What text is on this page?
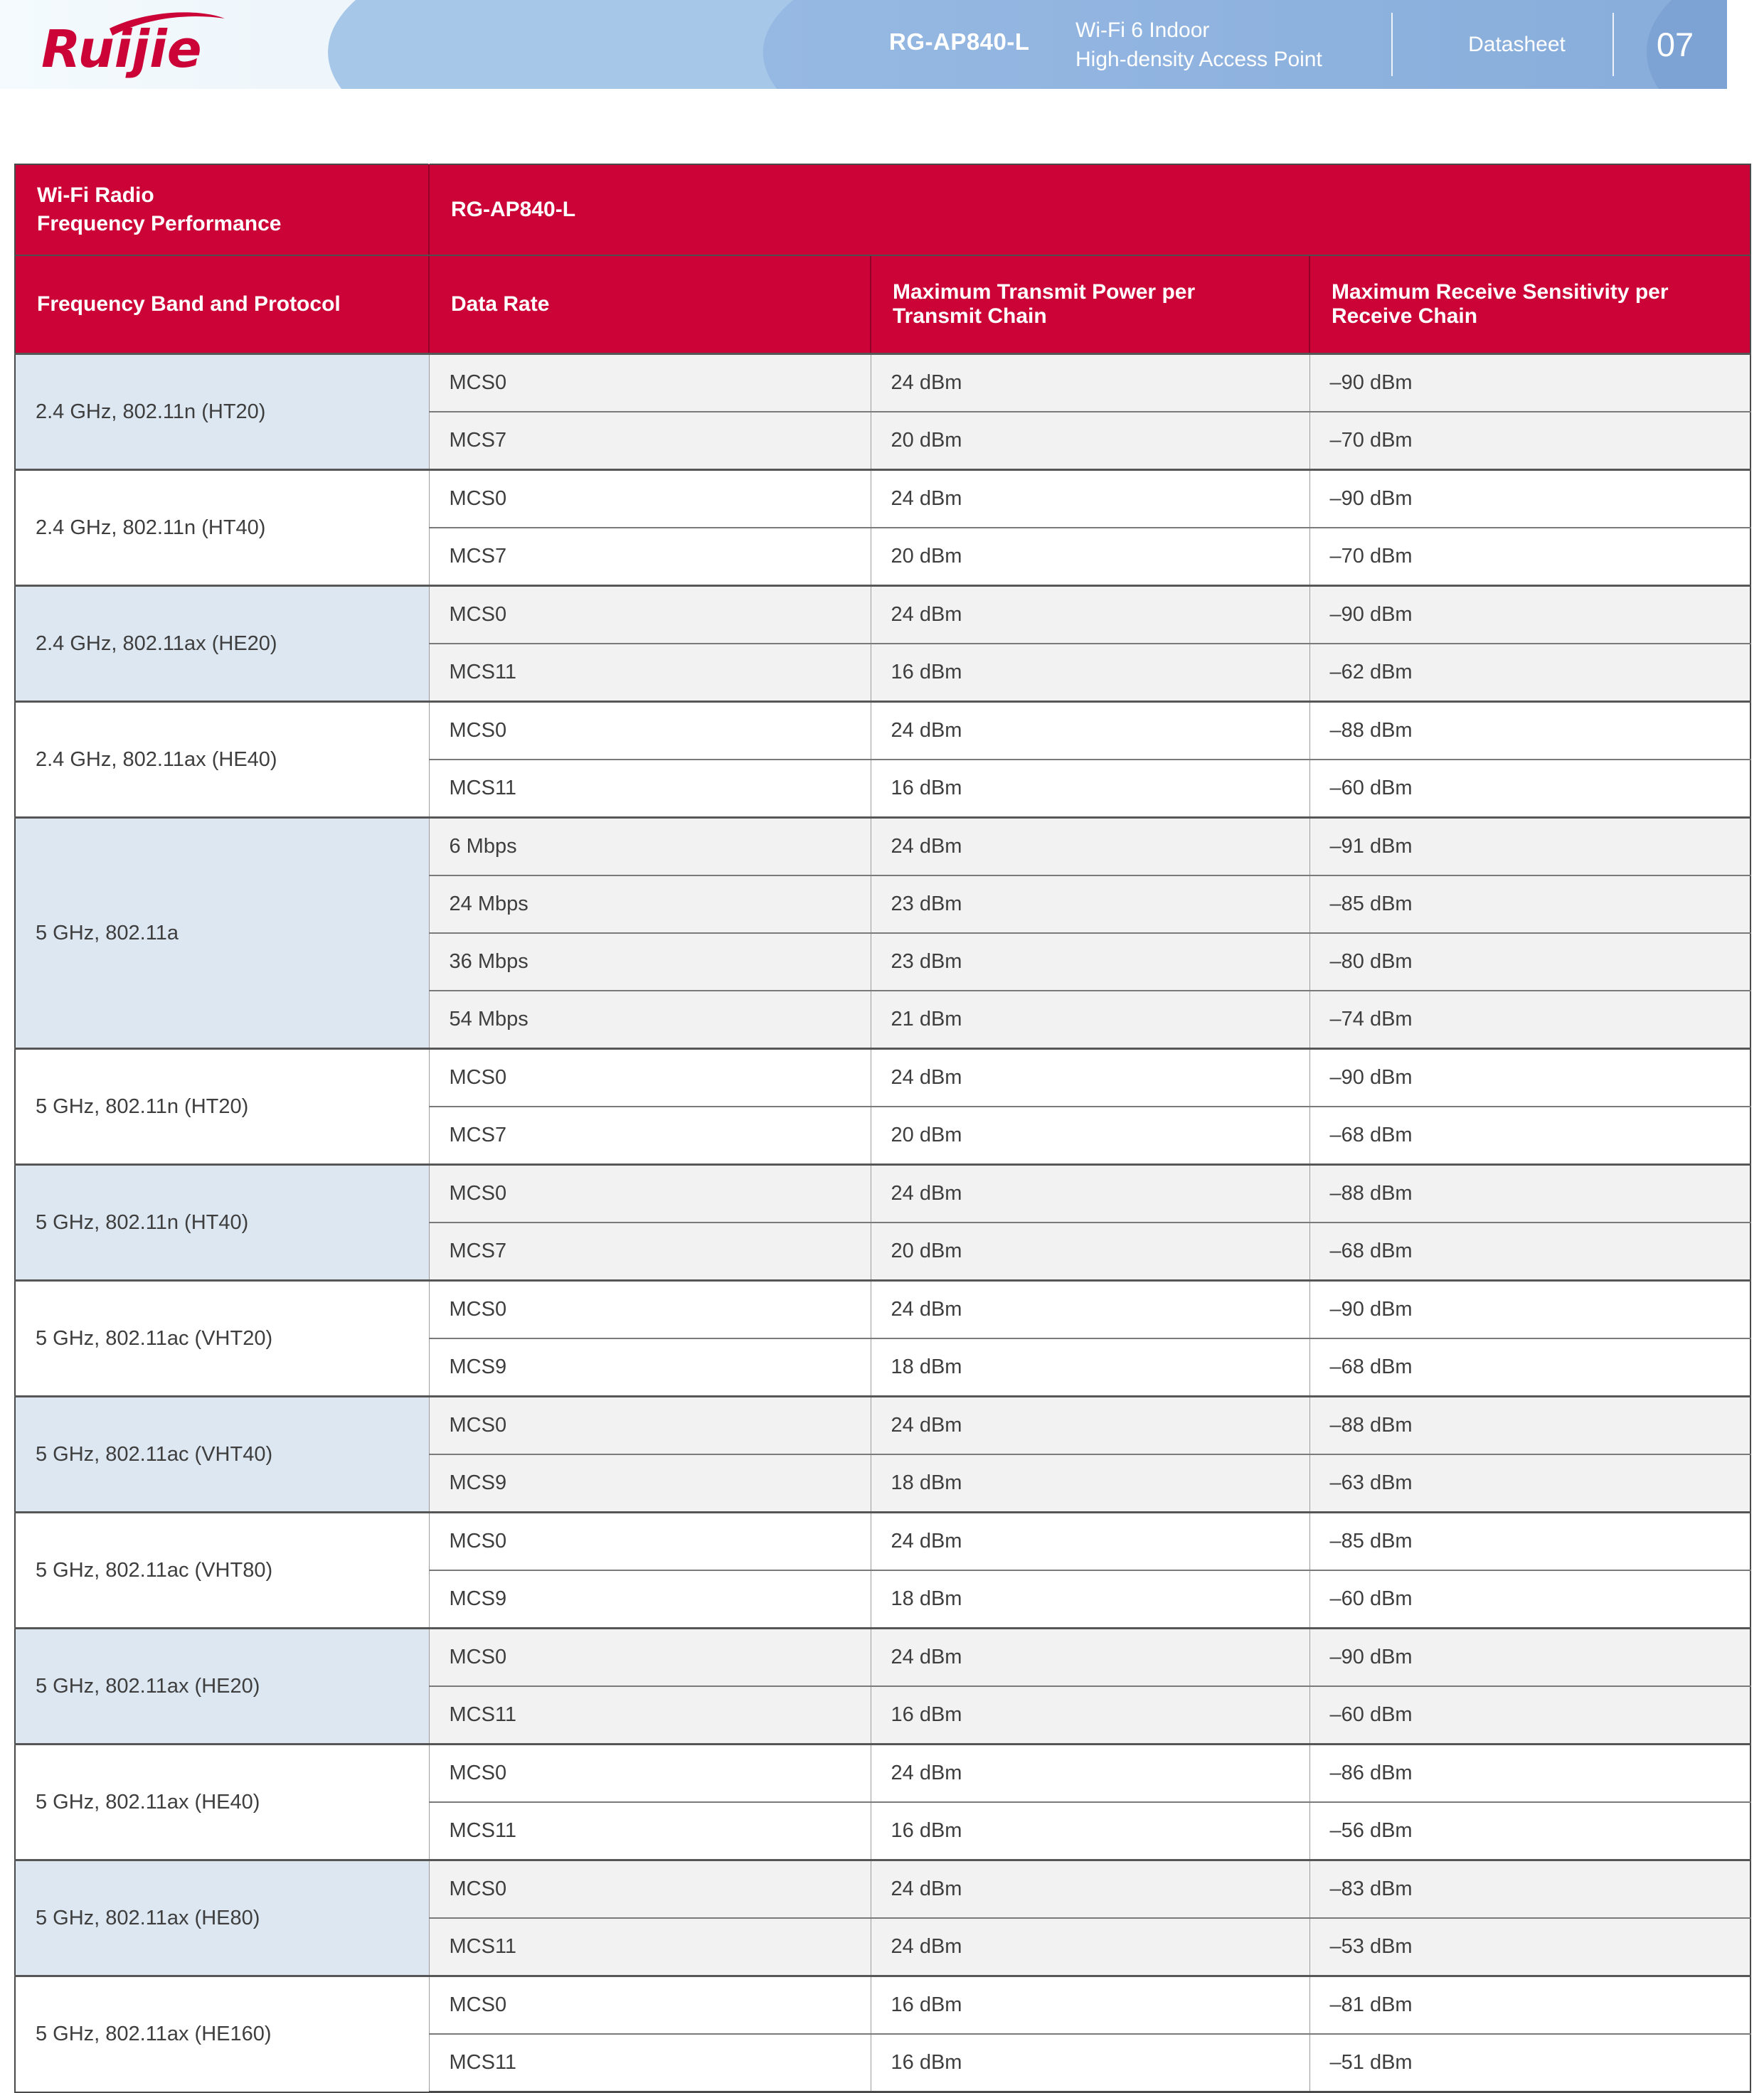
Ruijie	RG-AP840-L Wi-Fi 6 Indoor
High-density Access Point
Datasheet	07
Wi-Fi Radio
Frequency Performance	RG-AP840-L		
Frequency Band and Protocol	Data Rate	Maximum Transmit Power per Transmit Chain	Maximum Receive Sensitivity per Receive Chain
2.4 GHz, 802.11n (HT20)	MCS0	24 dBm	–90 dBm
	MCS7	20 dBm	–70 dBm
2.4 GHz, 802.11n (HT40)	MCS0	24 dBm	–90 dBm
	MCS7	20 dBm	–70 dBm
2.4 GHz, 802.11ax (HE20)	MCS0	24 dBm	–90 dBm
	MCS11	16 dBm	–62 dBm
2.4 GHz, 802.11ax (HE40)	MCS0	24 dBm	–88 dBm
	MCS11	16 dBm	–60 dBm
5 GHz, 802.11a	6 Mbps	24 dBm	–91 dBm
	24 Mbps	23 dBm	–85 dBm
	36 Mbps	23 dBm	–80 dBm
	54 Mbps	21 dBm	–74 dBm
5 GHz, 802.11n (HT20)	MCS0	24 dBm	–90 dBm
	MCS7	20 dBm	–68 dBm
5 GHz, 802.11n (HT40)	MCS0	24 dBm	–88 dBm
	MCS7	20 dBm	–68 dBm
5 GHz, 802.11ac (VHT20)	MCS0	24 dBm	–90 dBm
	MCS9	18 dBm	–68 dBm
5 GHz, 802.11ac (VHT40)	MCS0	24 dBm	–88 dBm
	MCS9	18 dBm	–63 dBm
5 GHz, 802.11ac (VHT80)	MCS0	24 dBm	–85 dBm
	MCS9	18 dBm	–60 dBm
5 GHz, 802.11ax (HE20)	MCS0	24 dBm	–90 dBm
	MCS11	16 dBm	–60 dBm
5 GHz, 802.11ax (HE40)	MCS0	24 dBm	–86 dBm
	MCS11	16 dBm	–56 dBm
5 GHz, 802.11ax (HE80)	MCS0	24 dBm	–83 dBm
	MCS11	24 dBm	–53 dBm
5 GHz, 802.11ax (HE160)	MCS0	16 dBm	–81 dBm
	MCS11	16 dBm	–51 dBm
